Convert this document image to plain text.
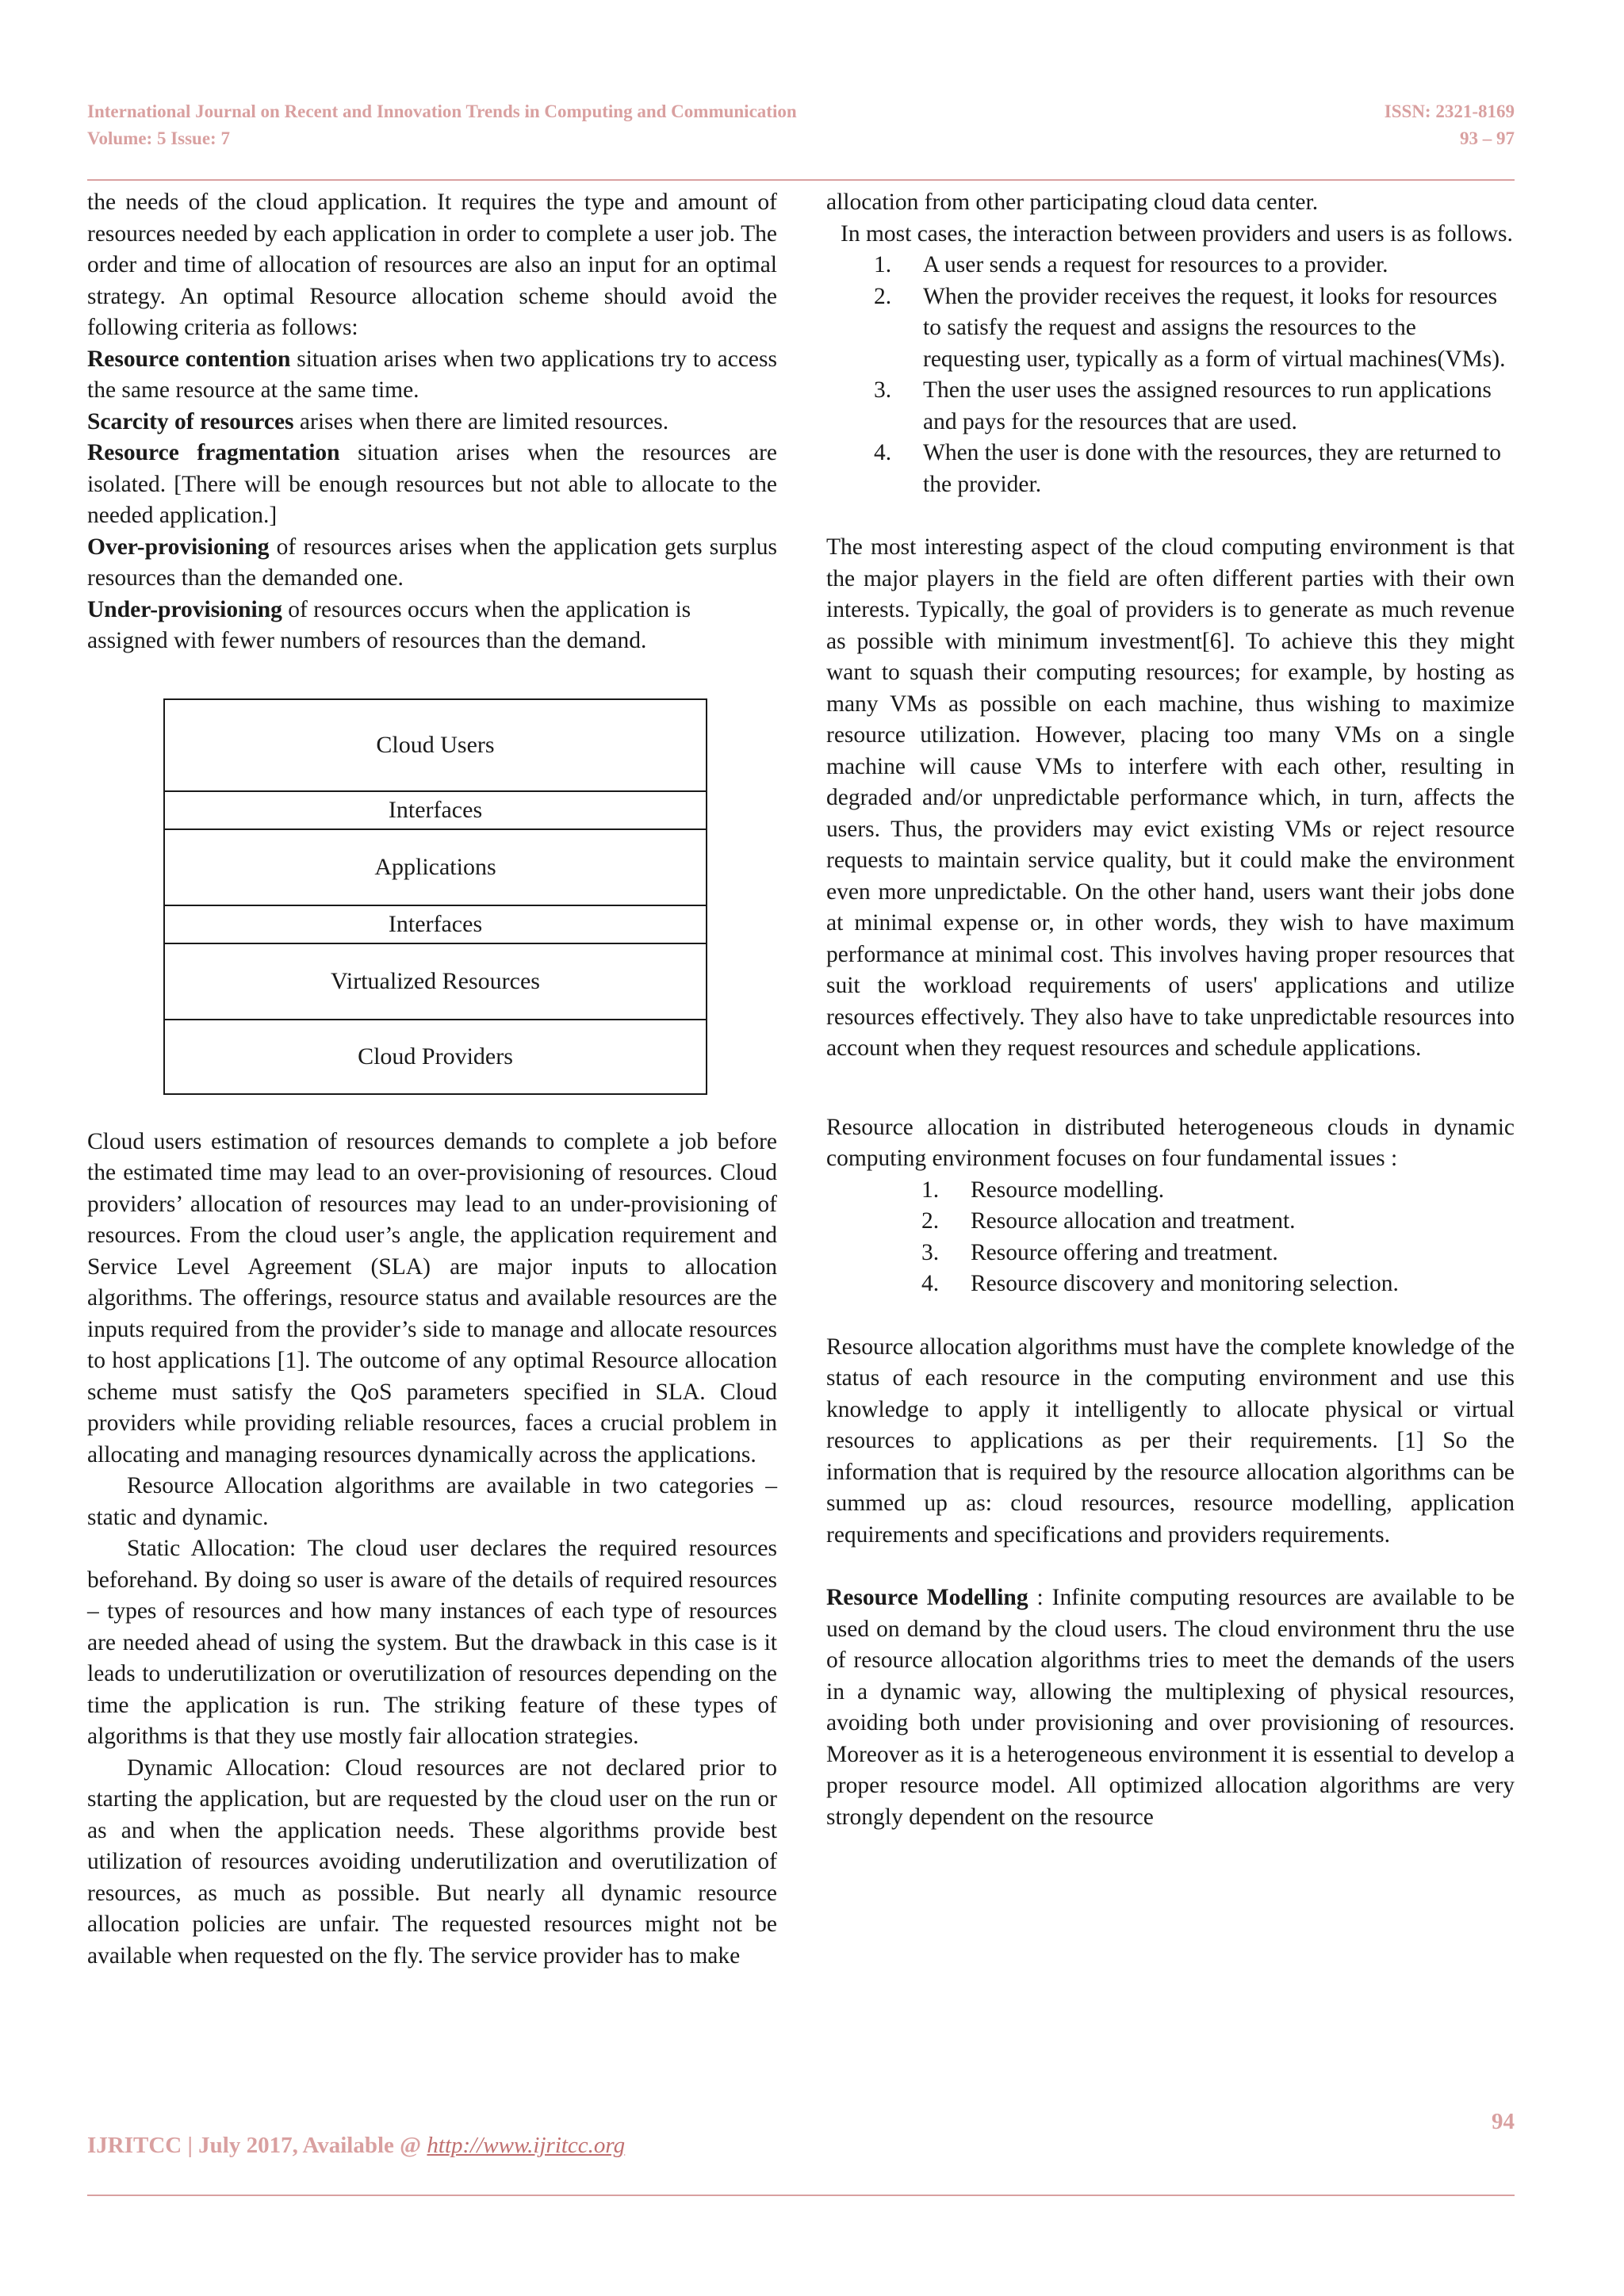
International Journal on Recent and Innovation Trends in Computing and Communication
Volume: 5 Issue: 7
ISSN: 2321-8169
93 – 97

the needs of the cloud application. It requires the type and amount of resources needed by each application in order to complete a user job. The order and time of allocation of resources are also an input for an optimal strategy. An optimal Resource allocation scheme should avoid the following criteria as follows:

Resource contention situation arises when two applications try to access the same resource at the same time.

Scarcity of resources arises when there are limited resources.

Resource fragmentation situation arises when the resources are isolated. [There will be enough resources but not able to allocate to the needed application.]

Over-provisioning of resources arises when the application gets surplus resources than the demanded one.

Under-provisioning of resources occurs when the application is assigned with fewer numbers of resources than the demand.

Cloud Users
Interfaces
Applications
Interfaces
Virtualized Resources
Cloud Providers

Cloud users estimation of resources demands to complete a job before the estimated time may lead to an over-provisioning of resources. Cloud providers’ allocation of resources may lead to an under-provisioning of resources. From the cloud user’s angle, the application requirement and Service Level Agreement (SLA) are major inputs to allocation algorithms. The offerings, resource status and available resources are the inputs required from the provider’s side to manage and allocate resources to host applications [1]. The outcome of any optimal Resource allocation scheme must satisfy the QoS parameters specified in SLA. Cloud providers while providing reliable resources, faces a crucial problem in allocating and managing resources dynamically across the applications.

Resource Allocation algorithms are available in two categories – static and dynamic.

Static Allocation: The cloud user declares the required resources beforehand. By doing so user is aware of the details of required resources – types of resources and how many instances of each type of resources are needed ahead of using the system. But the drawback in this case is it leads to underutilization or overutilization of resources depending on the time the application is run. The striking feature of these types of algorithms is that they use mostly fair allocation strategies.

Dynamic Allocation: Cloud resources are not declared prior to starting the application, but are requested by the cloud user on the run or as and when the application needs. These algorithms provide best utilization of resources avoiding underutilization and overutilization of resources, as much as possible. But nearly all dynamic resource allocation policies are unfair. The requested resources might not be available when requested on the fly. The service provider has to make

allocation from other participating cloud data center.

In most cases, the interaction between providers and users is as follows.

1. A user sends a request for resources to a provider.
2. When the provider receives the request, it looks for resources to satisfy the request and assigns the resources to the requesting user, typically as a form of virtual machines(VMs).
3. Then the user uses the assigned resources to run applications and pays for the resources that are used.
4. When the user is done with the resources, they are returned to the provider.

The most interesting aspect of the cloud computing environment is that the major players in the field are often different parties with their own interests. Typically, the goal of providers is to generate as much revenue as possible with minimum investment[6]. To achieve this they might want to squash their computing resources; for example, by hosting as many VMs as possible on each machine, thus wishing to maximize resource utilization. However, placing too many VMs on a single machine will cause VMs to interfere with each other, resulting in degraded and/or unpredictable performance which, in turn, affects the users. Thus, the providers may evict existing VMs or reject resource requests to maintain service quality, but it could make the environment even more unpredictable. On the other hand, users want their jobs done at minimal expense or, in other words, they wish to have maximum performance at minimal cost. This involves having proper resources that suit the workload requirements of users' applications and utilize resources effectively. They also have to take unpredictable resources into account when they request resources and schedule applications.

Resource allocation in distributed heterogeneous clouds in dynamic computing environment focuses on four fundamental issues :

1. Resource modelling.
2. Resource allocation and treatment.
3. Resource offering and treatment.
4. Resource discovery and monitoring selection.

Resource allocation algorithms must have the complete knowledge of the status of each resource in the computing environment and use this knowledge to apply it intelligently to allocate physical or virtual resources to applications as per their requirements. [1] So the information that is required by the resource allocation algorithms can be summed up as: cloud resources, resource modelling, application requirements and specifications and providers requirements.

Resource Modelling : Infinite computing resources are available to be used on demand by the cloud users. The cloud environment thru the use of resource allocation algorithms tries to meet the demands of the users in a dynamic way, allowing the multiplexing of physical resources, avoiding both under provisioning and over provisioning of resources. Moreover as it is a heterogeneous environment it is essential to develop a proper resource model. All optimized allocation algorithms are very strongly dependent on the resource

94
IJRITCC | July 2017, Available @ http://www.ijritcc.org
